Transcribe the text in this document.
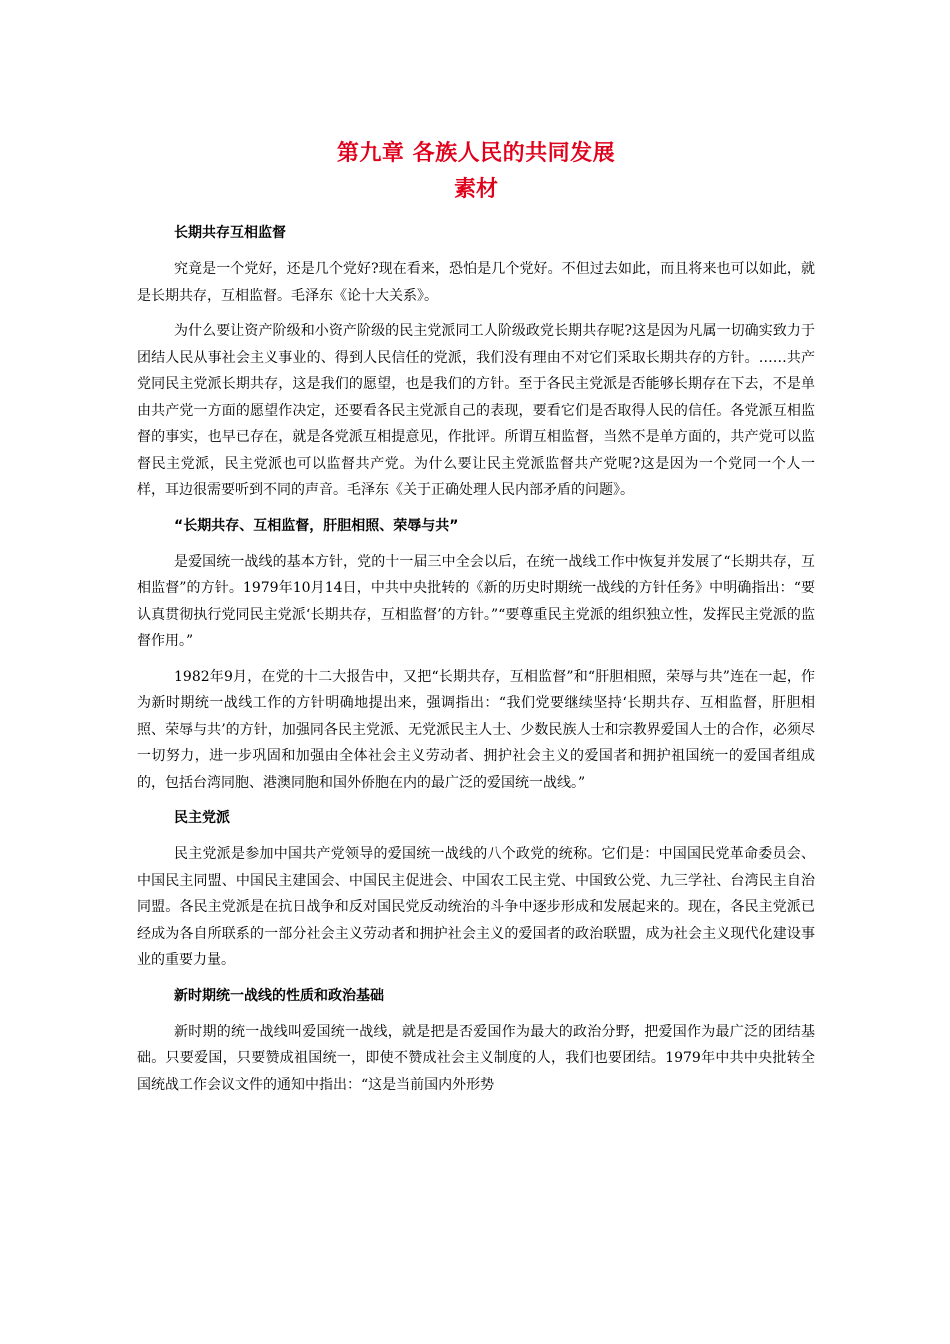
第九章 各族人民的共同发展
素材
长期共存互相监督

究竟是一个党好，还是几个党好?现在看来，恐怕是几个党好。不但过去如此，而且将来也可以如此，就是长期共存，互相监督。毛泽东《论十大关系》。

为什么要让资产阶级和小资产阶级的民主党派同工人阶级政党长期共存呢?这是因为凡属一切确实致力于团结人民从事社会主义事业的、得到人民信任的党派，我们没有理由不对它们采取长期共存的方针。……共产党同民主党派长期共存，这是我们的愿望，也是我们的方针。至于各民主党派是否能够长期存在下去，不是单由共产党一方面的愿望作决定，还要看各民主党派自己的表现，要看它们是否取得人民的信任。各党派互相监督的事实，也早已存在，就是各党派互相提意见，作批评。所谓互相监督，当然不是单方面的，共产党可以监督民主党派，民主党派也可以监督共产党。为什么要让民主党派监督共产党呢?这是因为一个党同一个人一样，耳边很需要听到不同的声音。毛泽东《关于正确处理人民内部矛盾的问题》。

“长期共存、互相监督，肝胆相照、荣辱与共”

是爱国统一战线的基本方针，党的十一届三中全会以后，在统一战线工作中恢复并发展了“长期共存，互相监督”的方针。1979年10月14日，中共中央批转的《新的历史时期统一战线的方针任务》中明确指出：“要认真贯彻执行党同民主党派‘长期共存，互相监督’的方针。”“要尊重民主党派的组织独立性，发挥民主党派的监督作用。”

1982年9月，在党的十二大报告中，又把“长期共存，互相监督”和“肝胆相照，荣辱与共”连在一起，作为新时期统一战线工作的方针明确地提出来，强调指出：“我们党要继续坚持‘长期共存、互相监督，肝胆相照、荣辱与共’的方针，加强同各民主党派、无党派民主人士、少数民族人士和宗教界爱国人士的合作，必须尽一切努力，进一步巩固和加强由全体社会主义劳动者、拥护社会主义的爱国者和拥护祖国统一的爱国者组成的，包括台湾同胞、港澳同胞和国外侨胞在内的最广泛的爱国统一战线。”

民主党派

民主党派是参加中国共产党领导的爱国统一战线的八个政党的统称。它们是：中国国民党革命委员会、中国民主同盟、中国民主建国会、中国民主促进会、中国农工民主党、中国致公党、九三学社、台湾民主自治同盟。各民主党派是在抗日战争和反对国民党反动统治的斗争中逐步形成和发展起来的。现在，各民主党派已经成为各自所联系的一部分社会主义劳动者和拥护社会主义的爱国者的政治联盟，成为社会主义现代化建设事业的重要力量。

新时期统一战线的性质和政治基础

新时期的统一战线叫爱国统一战线，就是把是否爱国作为最大的政治分野，把爱国作为最广泛的团结基础。只要爱国，只要赞成祖国统一，即使不赞成社会主义制度的人，我们也要团结。1979年中共中央批转全国统战工作会议文件的通知中指出：“这是当前国内外形势
